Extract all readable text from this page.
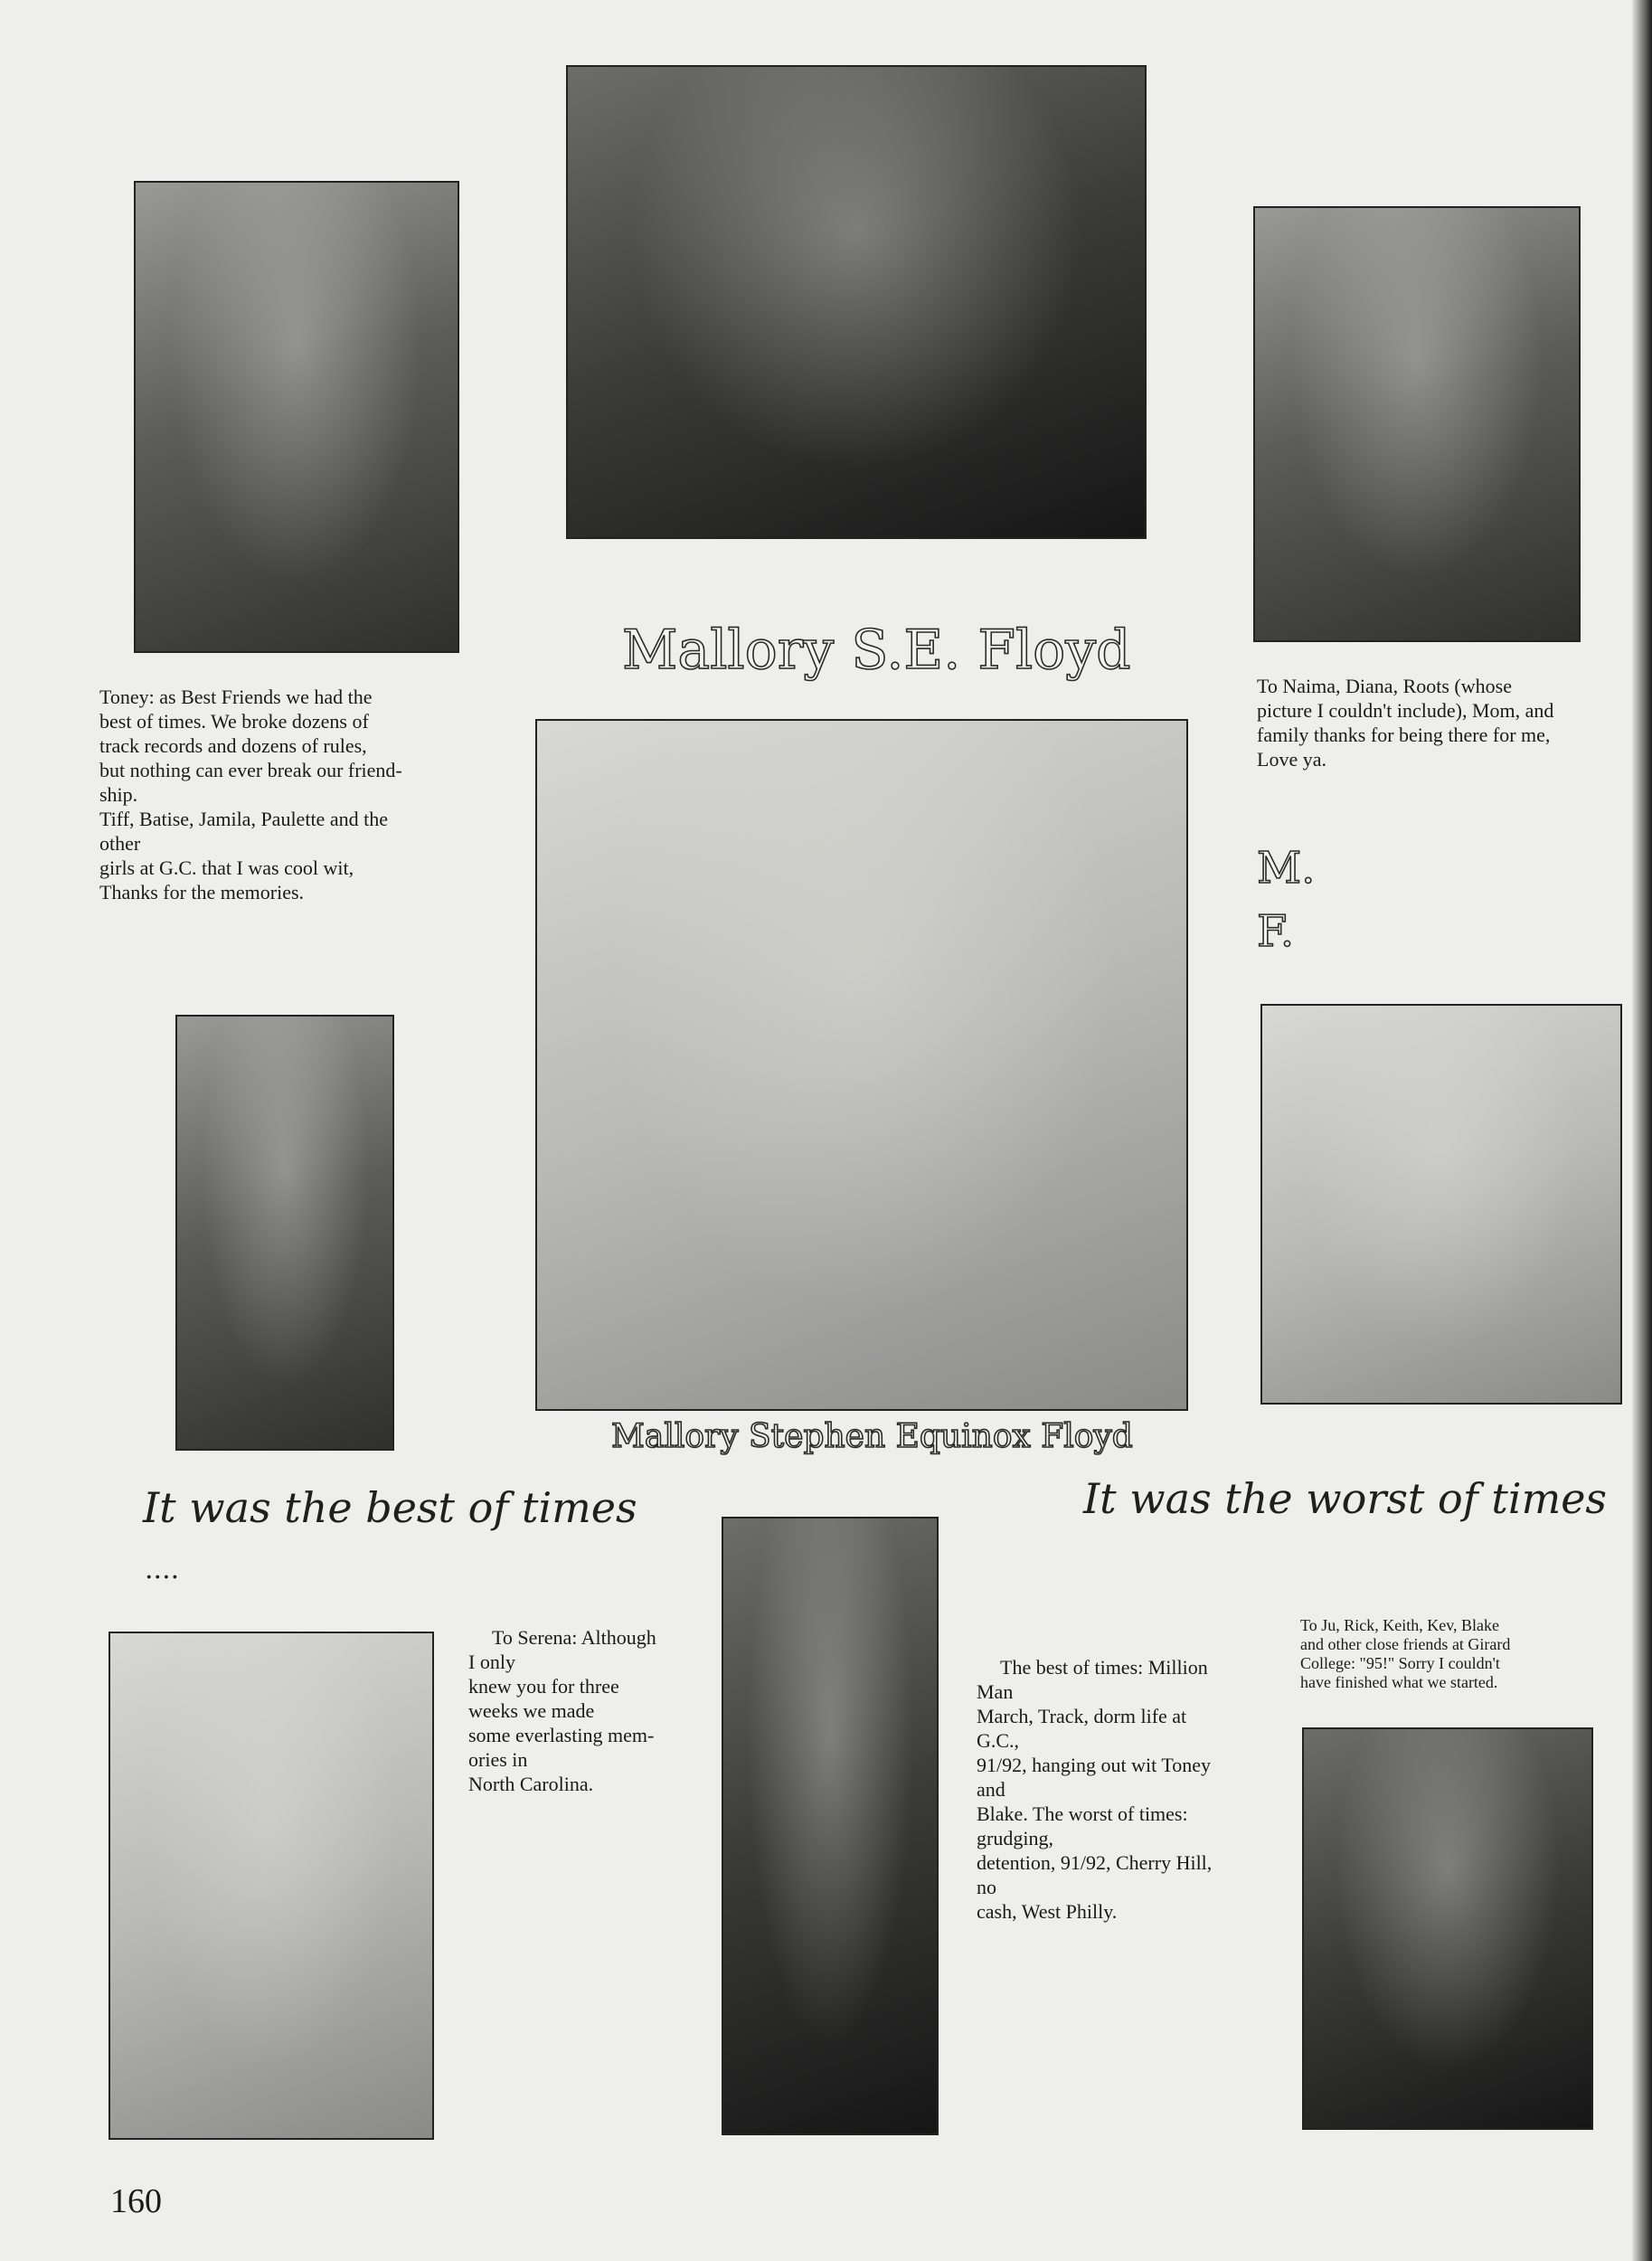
Mallory S.E. Floyd
Mallory Stephen Equinox Floyd
It was the best of times
....
It was the worst of times
M.
F.

Toney: as Best Friends we had the

best of times. We broke dozens of

track records and dozens of rules,

but nothing can ever break our friend-

ship.

Tiff, Batise, Jamila, Paulette and the

other

girls at G.C. that I was cool wit,

Thanks for the memories.

To Naima, Diana, Roots (whose

picture I couldn't include), Mom, and

family thanks for being there for me,

Love ya.

To Serena: Although

I only

knew you for three

weeks we made

some everlasting mem-

ories in

North Carolina.

The best of times: Million

Man

March, Track, dorm life at

G.C.,

91/92, hanging out wit Toney

and

Blake. The worst of times:

grudging,

detention, 91/92, Cherry Hill,

no

cash, West Philly.

To Ju, Rick, Keith, Kev, Blake

and other close friends at Girard

College: "95!" Sorry I couldn't

have finished what we started.

160
